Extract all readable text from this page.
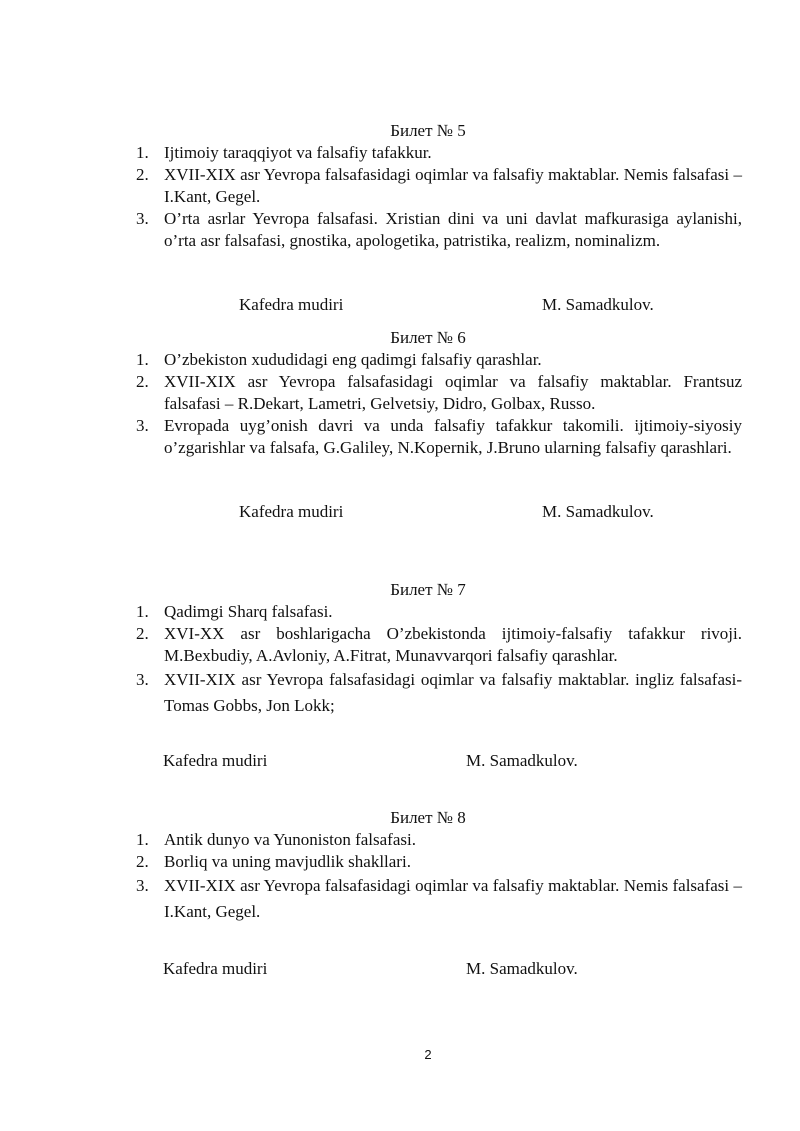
Билет № 5
1. Ijtimoiy taraqqiyot va falsafiy tafakkur.
2. XVII-XIX asr Yevropa falsafasidagi oqimlar va falsafiy maktablar. Nemis falsafasi – I.Kant, Gegel.
3. O’rta asrlar Yevropa falsafasi. Xristian dini va uni davlat mafkurasiga aylanishi, o’rta asr falsafasi, gnostika, apologetika, patristika, realizm, nominalizm.
Kafedra mudiri	M. Samadkulov.
Билет № 6
1. O’zbekiston xududidagi eng qadimgi falsafiy qarashlar.
2. XVII-XIX asr Yevropa falsafasidagi oqimlar va falsafiy maktablar. Frantsuz falsafasi – R.Dekart, Lametri, Gelvetsiy, Didro, Golbax, Russo.
3. Evropada uyg’onish davri va unda falsafiy tafakkur takomili. ijtimoiy-siyosiy o’zgarishlar va falsafa, G.Galiley, N.Kopernik, J.Bruno ularning falsafiy qarashlari.
Kafedra mudiri	M. Samadkulov.
Билет № 7
1. Qadimgi Sharq falsafasi.
2. XVI-XX asr boshlarigacha O’zbekistonda ijtimoiy-falsafiy tafakkur rivoji. M.Bexbudiy, A.Avloniy, A.Fitrat, Munavvarqori falsafiy qarashlar.
3. XVII-XIX asr Yevropa falsafasidagi oqimlar va falsafiy maktablar. ingliz falsafasi-Tomas Gobbs, Jon Lokk;
Kafedra mudiri	M. Samadkulov.
Билет № 8
1. Antik dunyo va Yunoniston falsafasi.
2. Borliq va uning mavjudlik shakllari.
3. XVII-XIX asr Yevropa falsafasidagi oqimlar va falsafiy maktablar. Nemis falsafasi – I.Kant, Gegel.
Kafedra mudiri	M. Samadkulov.
2
